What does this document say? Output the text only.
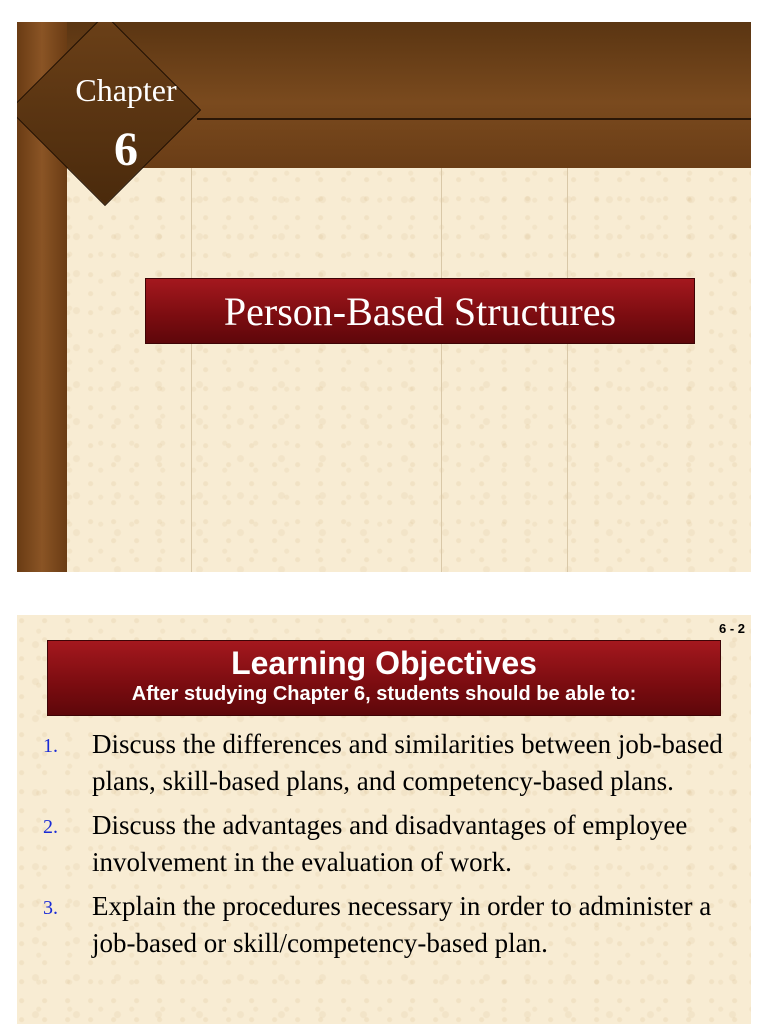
Chapter
6
Person-Based Structures
6 - 2
Learning Objectives
After studying Chapter 6, students should be able to:
1. Discuss the differences and similarities between job-based plans, skill-based plans, and competency-based plans.
2. Discuss the advantages and disadvantages of employee involvement in the evaluation of work.
3. Explain the procedures necessary in order to administer a job-based or skill/competency-based plan.
